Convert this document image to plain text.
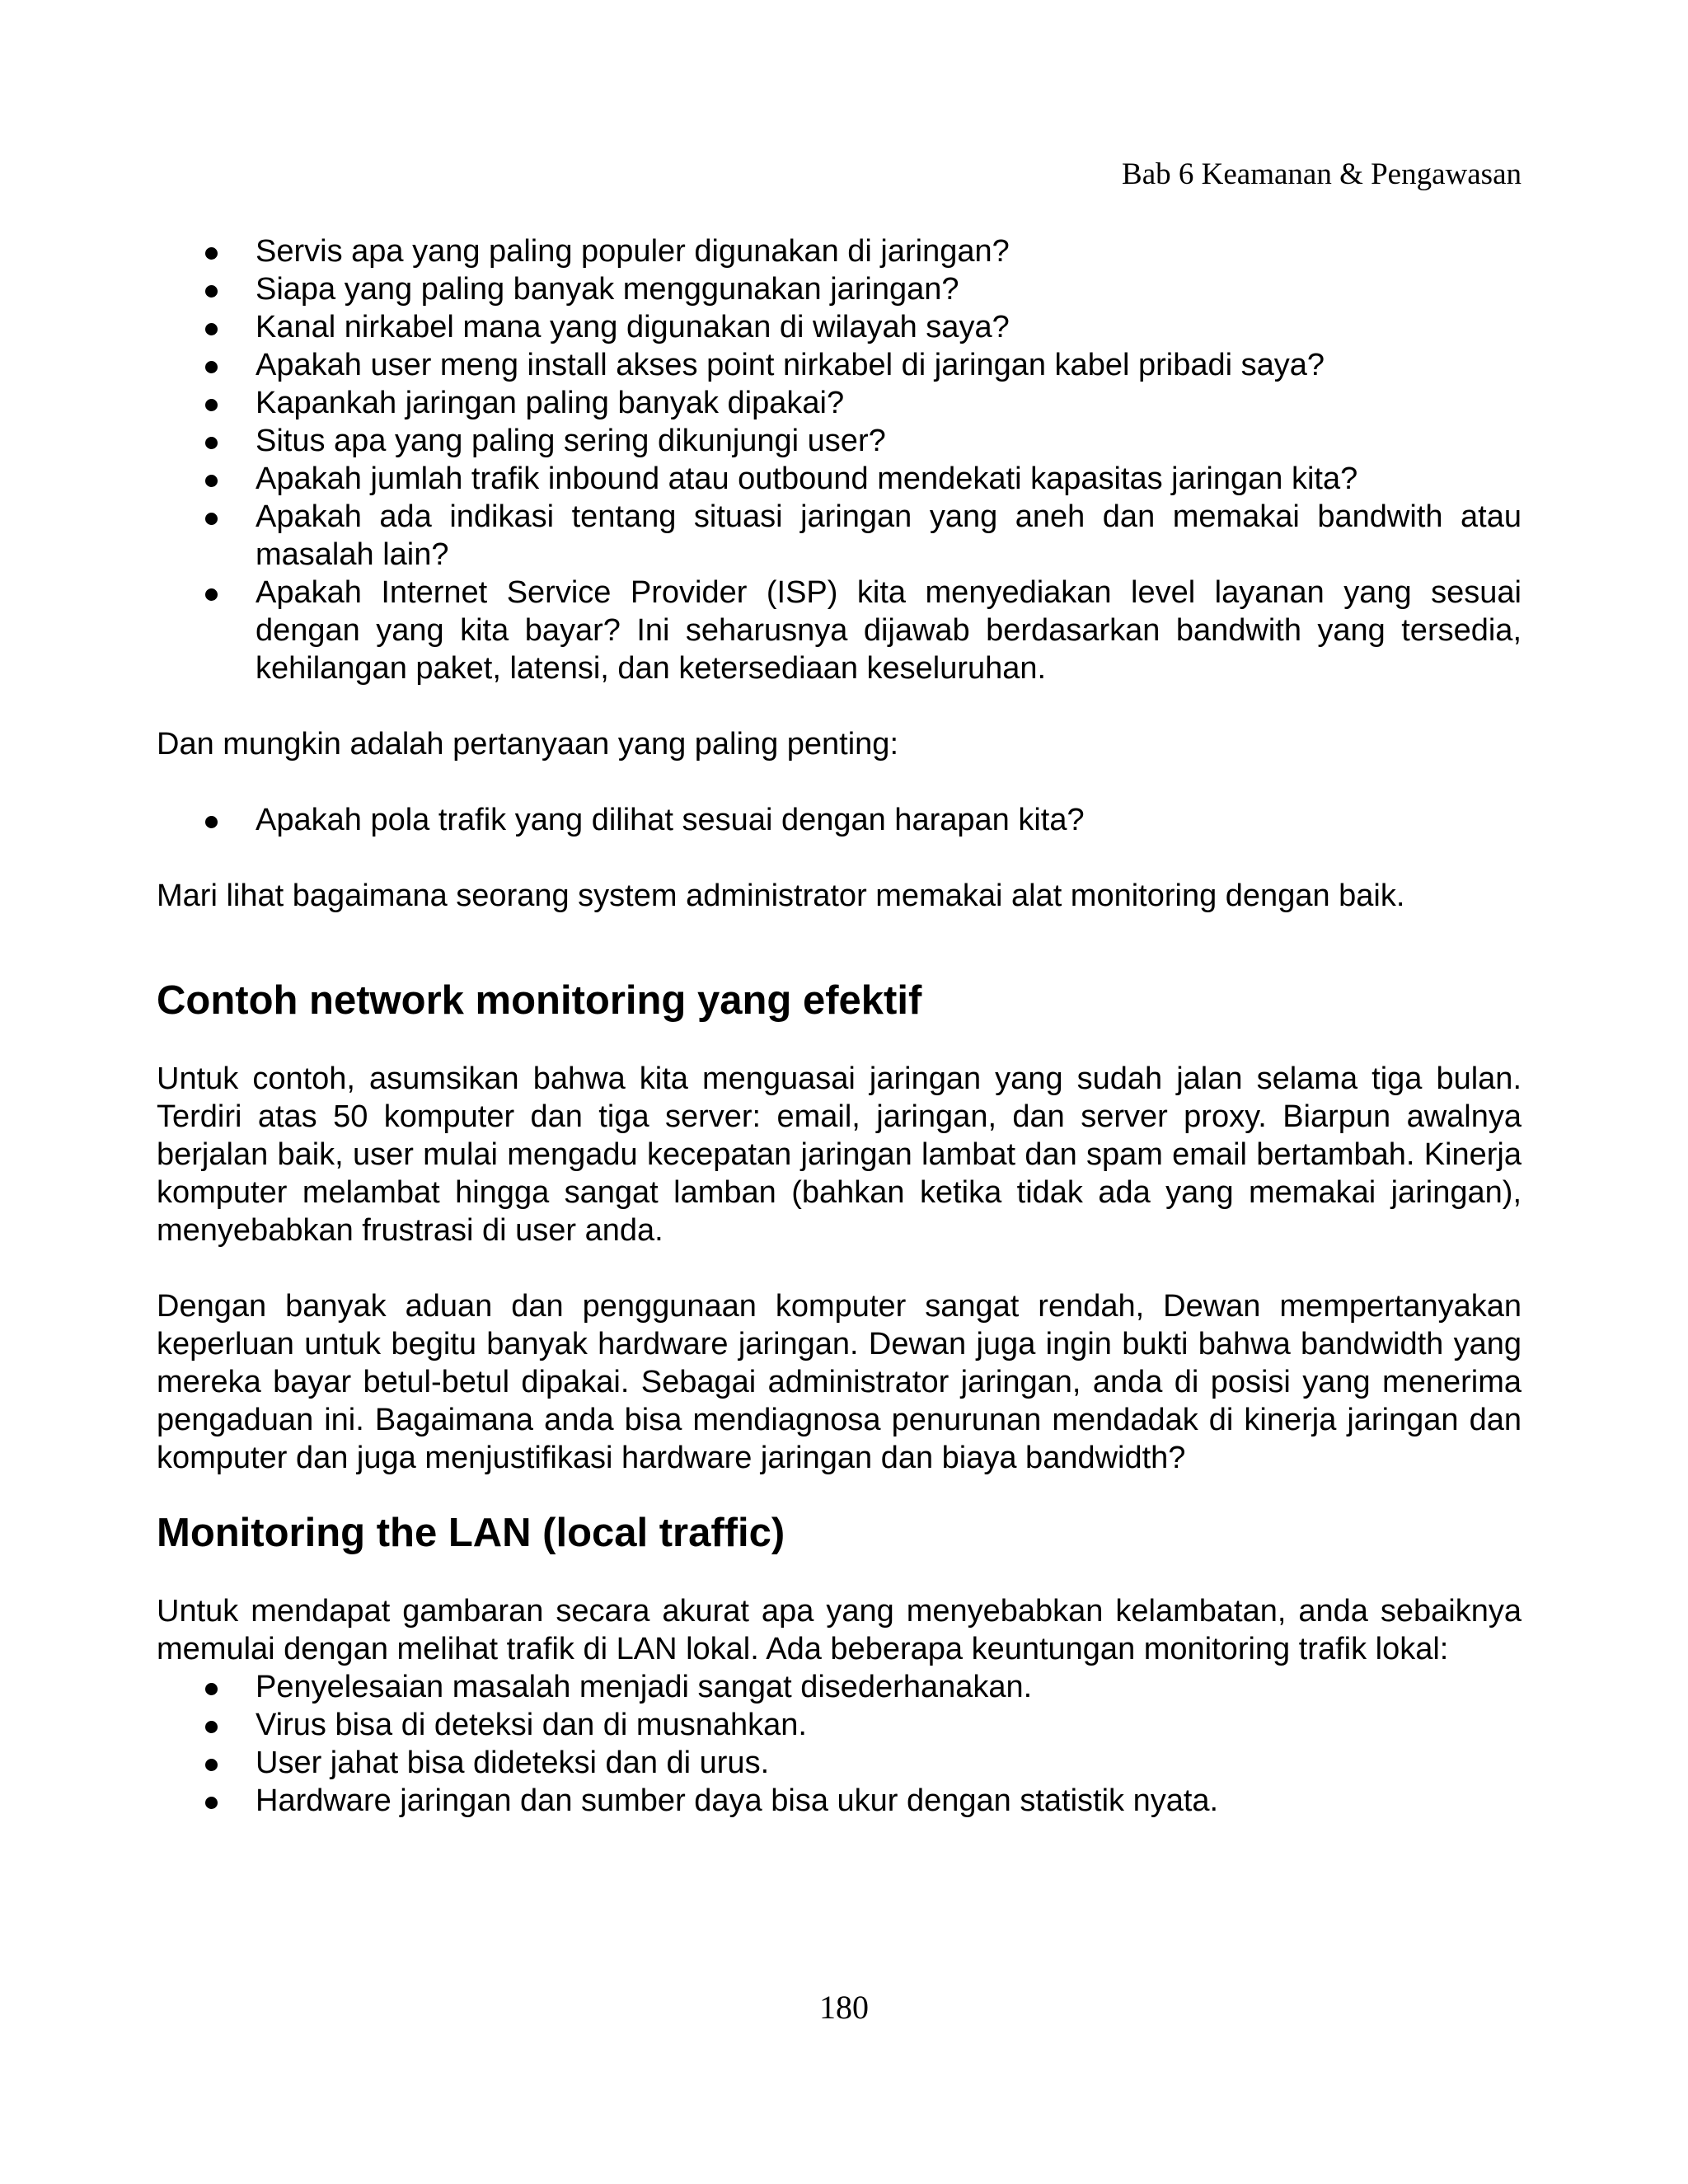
Bab 6 Keamanan & Pengawasan
Servis apa yang paling populer digunakan di jaringan?
Siapa yang paling banyak menggunakan jaringan?
Kanal nirkabel mana yang digunakan di wilayah saya?
Apakah user meng install akses point nirkabel di jaringan kabel pribadi saya?
Kapankah jaringan paling banyak dipakai?
Situs apa yang paling sering dikunjungi user?
Apakah jumlah trafik inbound atau outbound mendekati kapasitas jaringan kita?
Apakah ada indikasi tentang situasi jaringan yang aneh dan memakai bandwith atau masalah lain?
Apakah Internet Service Provider (ISP) kita menyediakan level layanan yang sesuai dengan yang kita bayar? Ini seharusnya dijawab berdasarkan bandwith yang tersedia, kehilangan paket, latensi, dan ketersediaan keseluruhan.

Dan mungkin adalah pertanyaan yang paling penting:

Apakah pola trafik yang dilihat sesuai dengan harapan kita?

Mari lihat bagaimana seorang system administrator memakai alat monitoring dengan baik.

Contoh network monitoring yang efektif

Untuk contoh, asumsikan bahwa kita menguasai jaringan yang sudah jalan selama tiga bulan. Terdiri atas 50 komputer dan tiga server: email, jaringan, dan server proxy. Biarpun awalnya berjalan baik, user mulai mengadu kecepatan jaringan lambat dan spam email bertambah. Kinerja komputer melambat hingga sangat lamban (bahkan ketika tidak ada yang memakai jaringan), menyebabkan frustrasi di user anda.

Dengan banyak aduan dan penggunaan komputer sangat rendah, Dewan mempertanyakan keperluan untuk begitu banyak hardware jaringan. Dewan juga ingin bukti bahwa bandwidth yang mereka bayar betul-betul dipakai. Sebagai administrator jaringan, anda di posisi yang menerima pengaduan ini. Bagaimana anda bisa mendiagnosa penurunan mendadak di kinerja jaringan dan komputer dan juga menjustifikasi hardware jaringan dan biaya bandwidth?

Monitoring the LAN (local traffic)

Untuk mendapat gambaran secara akurat apa yang menyebabkan kelambatan, anda sebaiknya memulai dengan melihat trafik di LAN lokal. Ada beberapa keuntungan monitoring trafik lokal:

Penyelesaian masalah menjadi sangat disederhanakan.
Virus bisa di deteksi dan di musnahkan.
User jahat bisa dideteksi dan di urus.
Hardware jaringan dan sumber daya bisa ukur dengan statistik nyata.
180
